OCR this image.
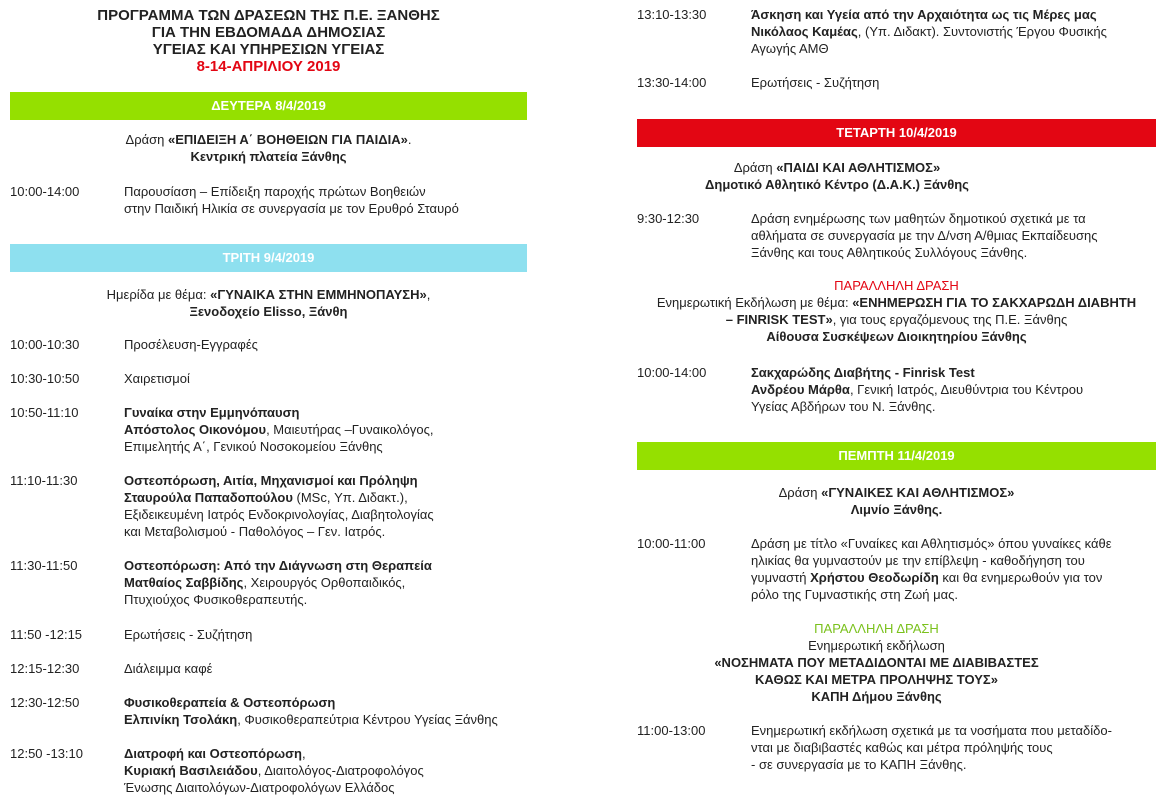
ΠΡΟΓΡΑΜΜΑ ΤΩΝ ΔΡΑΣΕΩΝ ΤΗΣ Π.Ε. ΞΑΝΘΗΣ
ΓΙΑ ΤΗΝ ΕΒΔΟΜΑΔΑ ΔΗΜΟΣΙΑΣ
ΥΓΕΙΑΣ ΚΑΙ ΥΠΗΡΕΣΙΩΝ ΥΓΕΙΑΣ
8-14-ΑΠΡΙΛΙΟΥ 2019
ΔΕΥΤΕΡΑ 8/4/2019
Δράση «ΕΠΙΔΕΙΞΗ Α΄ ΒΟΗΘΕΙΩΝ ΓΙΑ ΠΑΙΔΙΑ».
Κεντρική πλατεία Ξάνθης
10:00-14:00	Παρουσίαση – Επίδειξη παροχής πρώτων Βοηθειών
στην Παιδική Ηλικία σε συνεργασία με τον Ερυθρό Σταυρό
ΤΡΙΤΗ 9/4/2019
Ημερίδα με θέμα: «ΓΥΝΑΙΚΑ ΣΤΗΝ ΕΜΜΗΝΟΠΑΥΣΗ»,
Ξενοδοχείο Elisso, Ξάνθη
10:00-10:30	Προσέλευση-Εγγραφές
10:30-10:50	Χαιρετισμοί
10:50-11:10	Γυναίκα στην Εμμηνόπαυση
Απόστολος Οικονόμου, Μαιευτήρας –Γυναικολόγος,
Επιμελητής Α΄, Γενικού Νοσοκομείου Ξάνθης
11:10-11:30	Οστεοπόρωση, Αιτία, Μηχανισμοί και Πρόληψη
Σταυρούλα Παπαδοπούλου (MSc, Υπ. Διδακτ.),
Εξιδεικευμένη Ιατρός Ενδοκρινολογίας, Διαβητολογίας
και Μεταβολισμού - Παθολόγος – Γεν. Ιατρός.
11:30-11:50	Οστεοπόρωση: Από την Διάγνωση στη Θεραπεία
Ματθαίος Σαββίδης, Χειρουργός Ορθοπαιδικός,
Πτυχιούχος Φυσικοθεραπευτής.
11:50 -12:15	Ερωτήσεις - Συζήτηση
12:15-12:30	Διάλειμμα καφέ
12:30-12:50	Φυσικοθεραπεία & Οστεοπόρωση
Ελπινίκη Τσολάκη, Φυσικοθεραπεύτρια Κέντρου Υγείας Ξάνθης
12:50 -13:10	Διατροφή και Οστεοπόρωση,
Κυριακή Βασιλειάδου, Διαιτολόγος-Διατροφολόγος
Ένωσης Διαιτολόγων-Διατροφολόγων Ελλάδος
13:10-13:30	Άσκηση και Υγεία από την Αρχαιότητα ως τις Μέρες μας
Νικόλαος Καμέας, (Υπ. Διδακτ). Συντονιστής Έργου Φυσικής
Αγωγής ΑΜΘ
13:30-14:00	Ερωτήσεις - Συζήτηση
ΤΕΤΑΡΤΗ 10/4/2019
Δράση «ΠΑΙΔΙ ΚΑΙ ΑΘΛΗΤΙΣΜΟΣ»
Δημοτικό Αθλητικό Κέντρο (Δ.Α.Κ.) Ξάνθης
9:30-12:30	Δράση ενημέρωσης των μαθητών δημοτικού σχετικά με τα
αθλήματα σε συνεργασία με την Δ/νση Α/θμιας Εκπαίδευσης
Ξάνθης και τους Αθλητικούς Συλλόγους Ξάνθης.
ΠΑΡΑΛΛΗΛΗ ΔΡΑΣΗ
Ενημερωτική Εκδήλωση με θέμα: «ΕΝΗΜΕΡΩΣΗ ΓΙΑ ΤΟ ΣΑΚΧΑΡΩΔΗ ΔΙΑΒΗΤΗ
– FINRISK TEST», για τους εργαζόμενους της Π.Ε. Ξάνθης
Αίθουσα Συσκέψεων Διοικητηρίου Ξάνθης
10:00-14:00	Σακχαρώδης Διαβήτης - Finrisk Test
Ανδρέου Μάρθα, Γενική Ιατρός, Διευθύντρια του Κέντρου
Υγείας Αβδήρων του Ν. Ξάνθης.
ΠΕΜΠΤΗ 11/4/2019
Δράση «ΓΥΝΑΙΚΕΣ ΚΑΙ ΑΘΛΗΤΙΣΜΟΣ»
Λιμνίο Ξάνθης.
10:00-11:00	Δράση με τίτλο «Γυναίκες και Αθλητισμός» όπου γυναίκες κάθε
ηλικίας θα γυμναστούν με την επίβλεψη - καθοδήγηση του
γυμναστή Χρήστου Θεοδωρίδη και θα ενημερωθούν για τον
ρόλο της Γυμναστικής στη Ζωή μας.
ΠΑΡΑΛΛΗΛΗ ΔΡΑΣΗ
Ενημερωτική εκδήλωση
«ΝΟΣΗΜΑΤΑ ΠΟΥ ΜΕΤΑΔΙΔΟΝΤΑΙ ΜΕ ΔΙΑΒΙΒΑΣΤΕΣ
ΚΑΘΩΣ ΚΑΙ ΜΕΤΡΑ ΠΡΟΛΗΨΗΣ ΤΟΥΣ»
ΚΑΠΗ Δήμου Ξάνθης
11:00-13:00	Ενημερωτική εκδήλωση σχετικά με τα νοσήματα που μεταδίδο-
νται με διαβιβαστές καθώς και μέτρα πρόληψής τους
- σε συνεργασία με το ΚΑΠΗ Ξάνθης.
